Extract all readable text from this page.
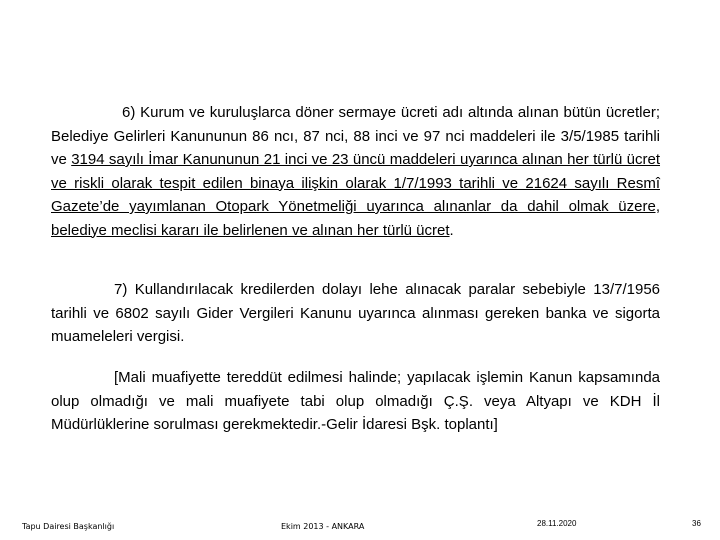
6) Kurum ve kuruluşlarca döner sermaye ücreti adı altında alınan bütün ücretler; Belediye Gelirleri Kanununun 86 ncı, 87 nci, 88 inci ve 97 nci maddeleri ile 3/5/1985 tarihli ve 3194 sayılı İmar Kanununun 21 inci ve 23 üncü maddeleri uyarınca alınan her türlü ücret ve riskli olarak tespit edilen binaya ilişkin olarak 1/7/1993 tarihli ve 21624 sayılı Resmî Gazete’de yayımlanan Otopark Yönetmeliği uyarınca alınanlar da dahil olmak üzere, belediye meclisi kararı ile belirlenen ve alınan her türlü ücret.
7) Kullandırılacak kredilerden dolayı lehe alınacak paralar sebebiyle 13/7/1956 tarihli ve 6802 sayılı Gider Vergileri Kanunu uyarınca alınması gereken banka ve sigorta muameleleri vergisi.
[Mali muafiyette tereddüt edilmesi halinde; yapılacak işlemin Kanun kapsamında olup olmadığı ve mali muafiyete tabi olup olmadığı Ç.Ş. veya Altyapı ve KDH İl Müdürlüklerine sorulması gerekmektedir.-Gelir İdaresi Bşk. toplantı]
Tapu Dairesi Başkanlığı	Ekim 2013 - ANKARA	28.11.2020	36
